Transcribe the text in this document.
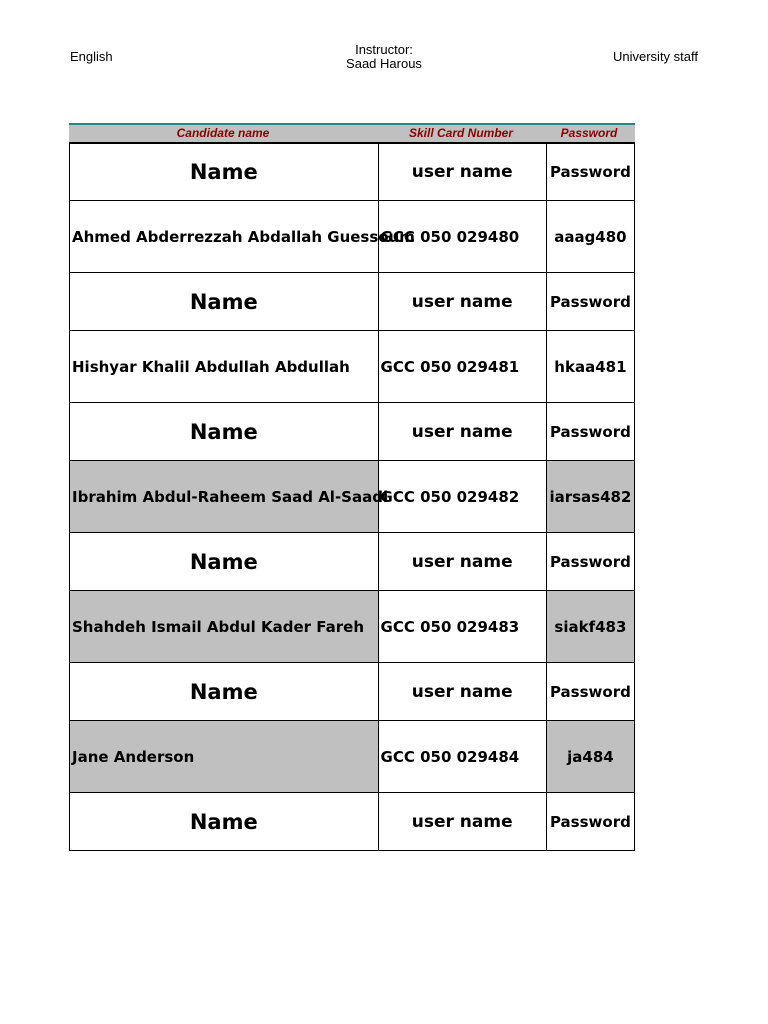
English	Instructor:
Saad Harous	University staff
Candidate name	Skill Card Number	Password
Name	user name	Password
Ahmed Abderrezzah Abdallah Guessoum	GCC 050 029480	aaag480
Name	user name	Password
Hishyar Khalil Abdullah Abdullah	GCC 050 029481	hkaa481
Name	user name	Password
Ibrahim Abdul-Raheem Saad Al-Saadi	GCC 050 029482	iarsas482
Name	user name	Password
Shahdeh Ismail Abdul Kader Fareh	GCC 050 029483	siakf483
Name	user name	Password
Jane Anderson	GCC 050 029484	ja484
Name	user name	Password
